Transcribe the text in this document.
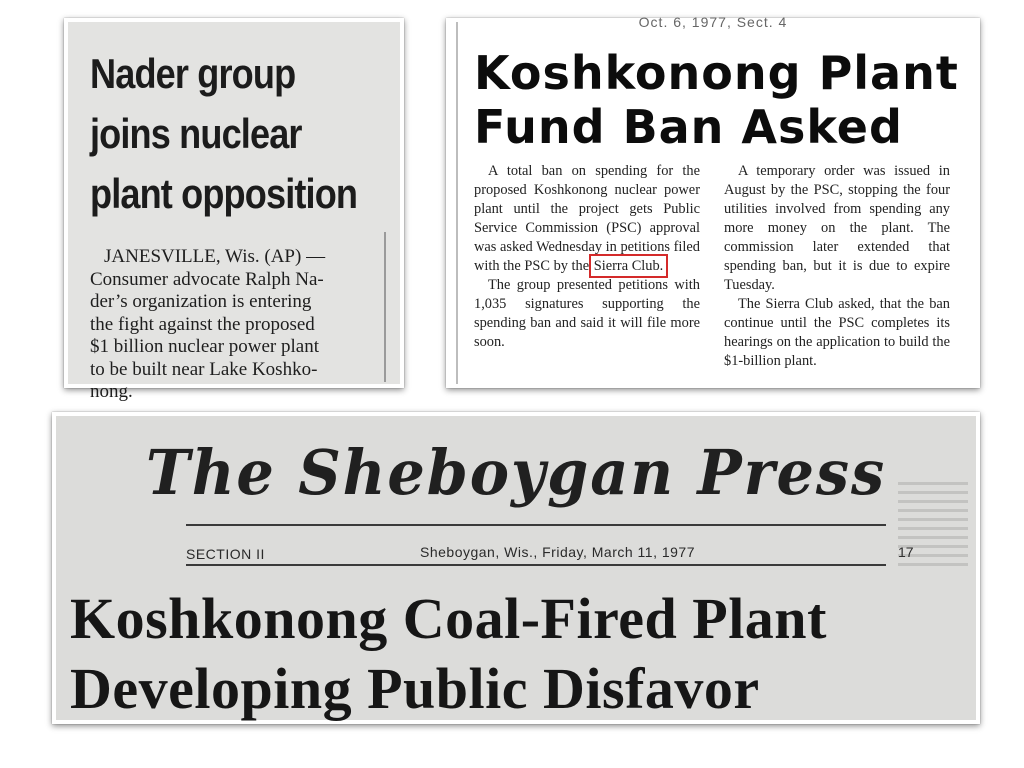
Nader group
joins nuclear
plant opposition
JANESVILLE, Wis. (AP) —
Consumer advocate Ralph Na-
der’s organization is entering
the fight against the proposed
$1 billion nuclear power plant
to be built near Lake Koshko-
nong.
Oct. 6, 1977, Sect. 4
Koshkonong Plant
Fund Ban Asked

A total ban on spending for the proposed Koshkonong nuclear power plant until the project gets Public Service Commission (PSC) approval was asked Wednesday in petitions filed with the PSC by the Sierra Club.

The group presented petitions with 1,035 signatures supporting the spending ban and said it will file more soon.

A temporary order was issued in August by the PSC, stopping the four utilities involved from spending any more money on the plant. The commission later extended that spending ban, but it is due to expire Tuesday.

The Sierra Club asked, that the ban continue until the PSC completes its hearings on the application to build the $1-billion plant.

The Sheboygan Press
SECTION II	Sheboygan, Wis., Friday, March 11, 1977	17
Koshkonong Coal-Fired Plant
Developing Public Disfavor
